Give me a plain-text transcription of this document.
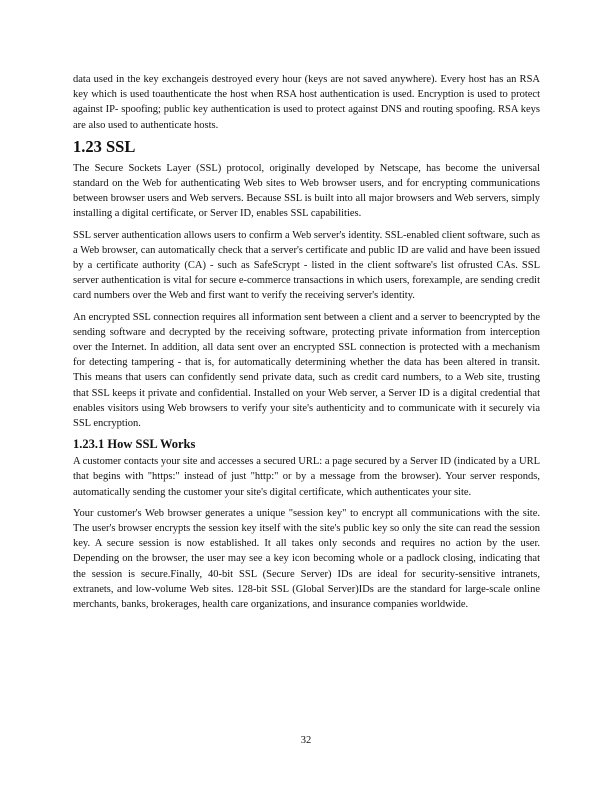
data used in the key exchangeis destroyed every hour (keys are not saved anywhere). Every host has an RSA key which is used toauthenticate the host when RSA host authentication is used. Encryption is used to protect against IP- spoofing; public key authentication is used to protect against DNS and routing spoofing. RSA keys are also used to authenticate hosts.

1.23 SSL

The Secure Sockets Layer (SSL) protocol, originally developed by Netscape, has become the universal standard on the Web for authenticating Web sites to Web browser users, and for encrypting communications between browser users and Web servers. Because SSL is built into all major browsers and Web servers, simply installing a digital certificate, or Server ID, enables SSL capabilities.

SSL server authentication allows users to confirm a Web server's identity. SSL-enabled client software, such as a Web browser, can automatically check that a server's certificate and public ID are valid and have been issued by a certificate authority (CA) - such as SafeScrypt - listed in the client software's list ofrusted CAs. SSL server authentication is vital for secure e-commerce transactions in which users, forexample, are sending credit card numbers over the Web and first want to verify the receiving server's identity.

An encrypted SSL connection requires all information sent between a client and a server to beencrypted by the sending software and decrypted by the receiving software, protecting private information from interception over the Internet. In addition, all data sent over an encrypted SSL connection is protected with a mechanism for detecting tampering - that is, for automatically determining whether the data has been altered in transit. This means that users can confidently send private data, such as credit card numbers, to a Web site, trusting that SSL keeps it private and confidential. Installed on your Web server, a Server ID is a digital credential that enables visitors using Web browsers to verify your site's authenticity and to communicate with it securely via SSL encryption.

1.23.1 How SSL Works

A customer contacts your site and accesses a secured URL: a page secured by a Server ID (indicated by a URL that begins with "https:" instead of just "http:" or by a message from the browser). Your server responds, automatically sending the customer your site's digital certificate, which authenticates your site.

Your customer's Web browser generates a unique "session key" to encrypt all communications with the site. The user's browser encrypts the session key itself with the site's public key so only the site can read the session key. A secure session is now established. It all takes only seconds and requires no action by the user. Depending on the browser, the user may see a key icon becoming whole or a padlock closing, indicating that the session is secure.Finally, 40-bit SSL (Secure Server) IDs are ideal for security-sensitive intranets, extranets, and low-volume Web sites. 128-bit SSL (Global Server)IDs are the standard for large-scale online merchants, banks, brokerages, health care organizations, and insurance companies worldwide.

32
